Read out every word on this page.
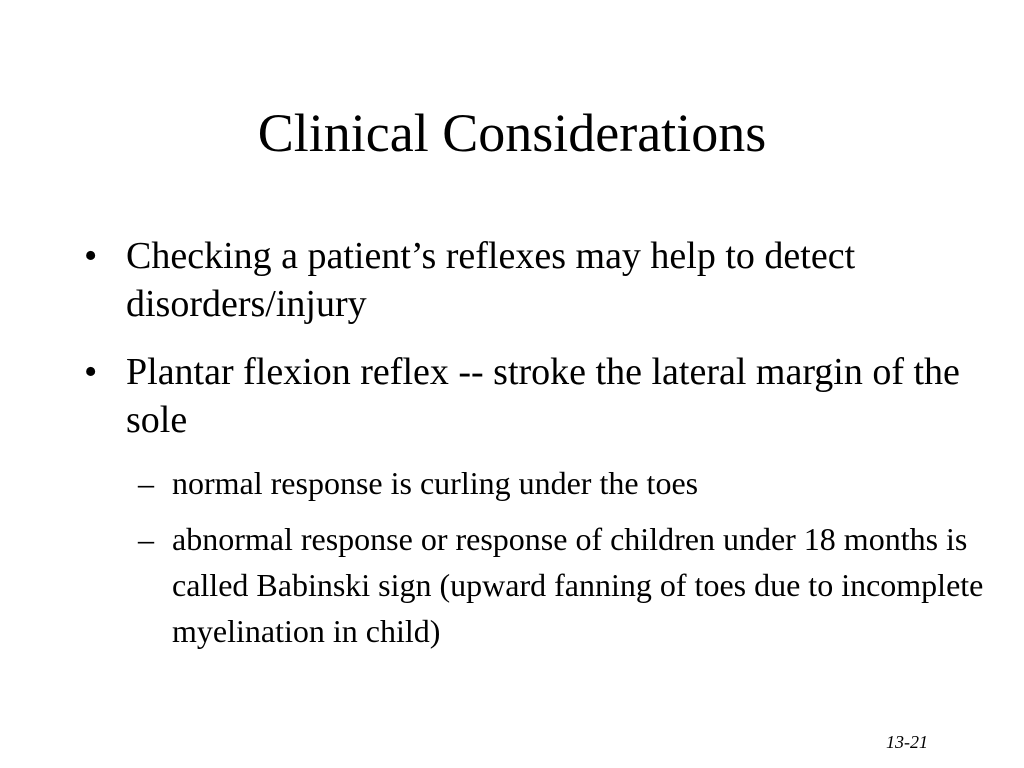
Clinical Considerations
• Checking a patient’s reflexes may help to detect disorders/injury
• Plantar flexion reflex -- stroke the lateral margin of the sole
– normal response is curling under the toes
– abnormal response or response of children under 18 months is called Babinski sign (upward fanning of toes due to incomplete myelination in child)
13-21
